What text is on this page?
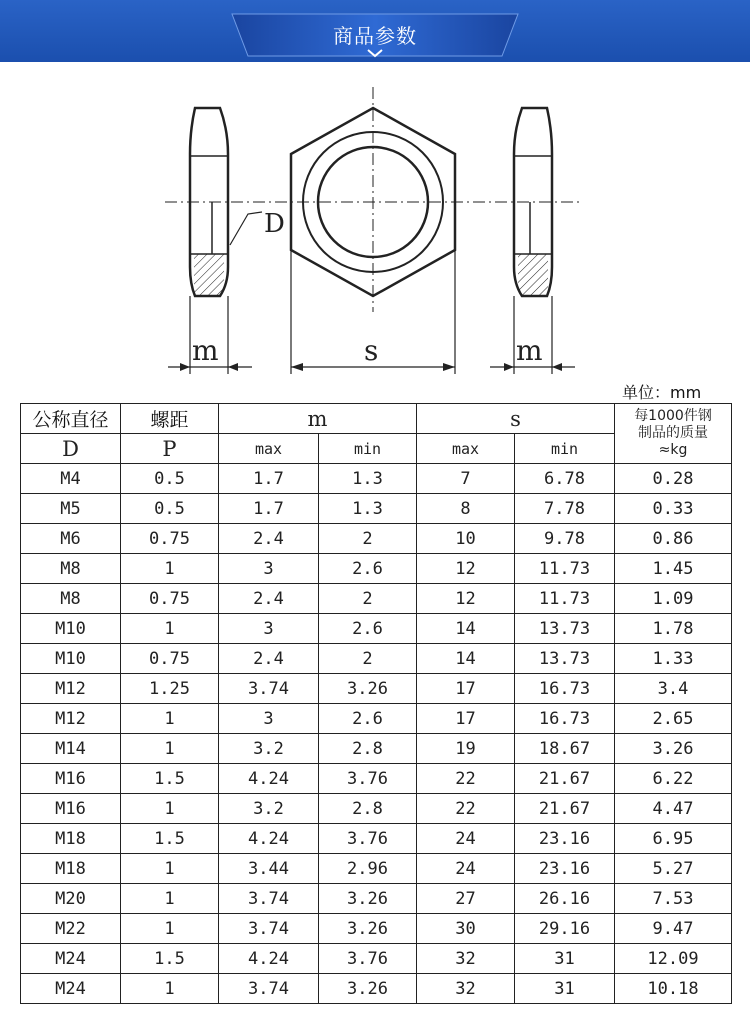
商品参数
D
m	s	m
单位：mm
公称直径	螺距	m		s		每1000件钢
制品的质量
≈kg

D	P	max	min	max	min	
M4	0.5	1.7	1.3	7	6.78	0.28
M5	0.5	1.7	1.3	8	7.78	0.33
M6	0.75	2.4	2	10	9.78	0.86
M8	1	3	2.6	12	11.73	1.45
M8	0.75	2.4	2	12	11.73	1.09
M10	1	3	2.6	14	13.73	1.78
M10	0.75	2.4	2	14	13.73	1.33
M12	1.25	3.74	3.26	17	16.73	3.4
M12	1	3	2.6	17	16.73	2.65
M14	1	3.2	2.8	19	18.67	3.26
M16	1.5	4.24	3.76	22	21.67	6.22
M16	1	3.2	2.8	22	21.67	4.47
M18	1.5	4.24	3.76	24	23.16	6.95
M18	1	3.44	2.96	24	23.16	5.27
M20	1	3.74	3.26	27	26.16	7.53
M22	1	3.74	3.26	30	29.16	9.47
M24	1.5	4.24	3.76	32	31	12.09
M24	1	3.74	3.26	32	31	10.18
